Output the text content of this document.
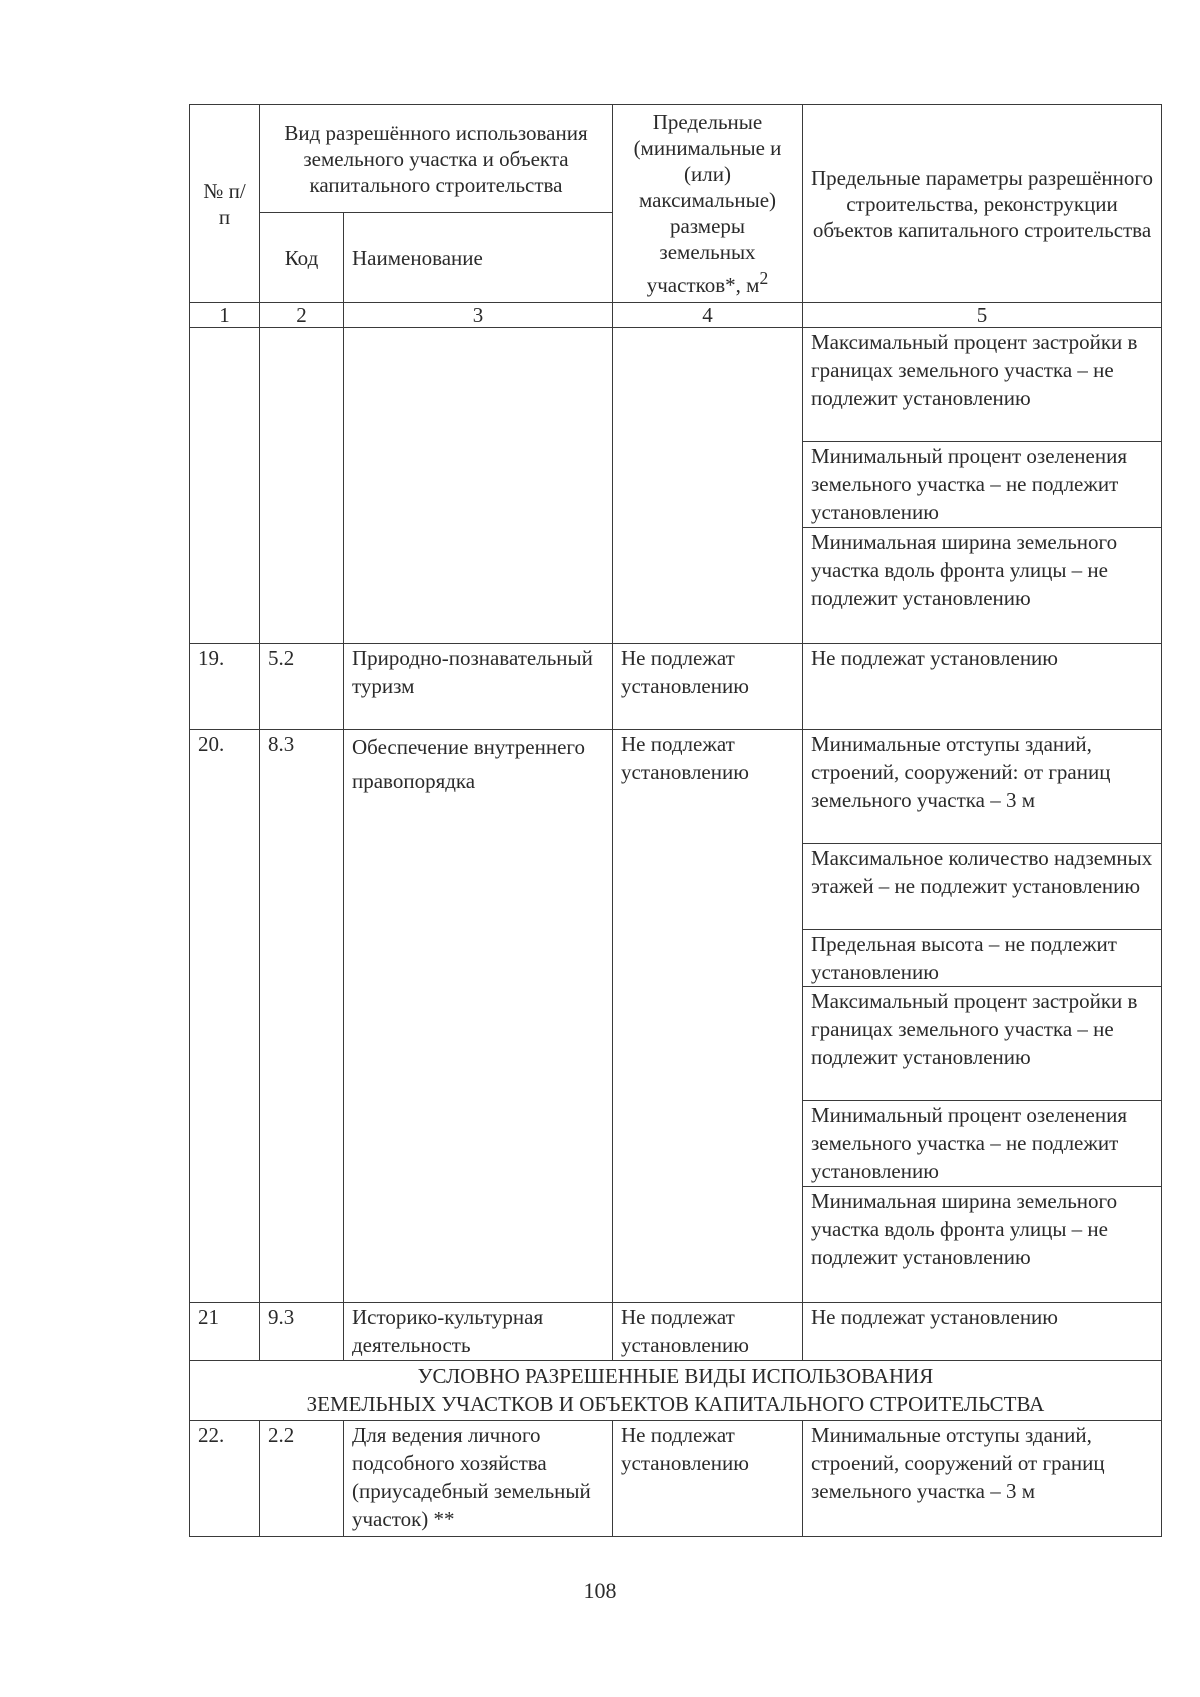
№ п/п	Вид разрешённого использования земельного участка и объекта капитального строительства		Предельные (минимальные и (или) максимальные) размеры земельных участков*, $м^2$	Предельные параметры разрешённого строительства, реконструкции объектов капитального строительства
	Код	Наименование		
1	2	3	4	5
				Максимальный процент застройки в границах земельного участка – не подлежит установлению
				Минимальный процент озеленения земельного участка – не подлежит установлению
				Минимальная ширина земельного участка вдоль фронта улицы – не подлежит установлению
19.	5.2	Природно-познавательный туризм	Не подлежат установлению	Не подлежат установлению
20.	8.3	Обеспечение внутреннего правопорядка	Не подлежат установлению	Минимальные отступы зданий, строений, сооружений: от границ земельного участка – 3 м
				Максимальное количество надземных этажей – не подлежит установлению
				Предельная высота – не подлежит установлению
				Максимальный процент застройки в границах земельного участка – не подлежит установлению
				Минимальный процент озеленения земельного участка – не подлежит установлению
				Минимальная ширина земельного участка вдоль фронта улицы – не подлежит установлению
21	9.3	Историко-культурная деятельность	Не подлежат установлению	Не подлежат установлению

УСЛОВНО РАЗРЕШЕННЫЕ ВИДЫ ИСПОЛЬЗОВАНИЯ
ЗЕМЕЛЬНЫХ УЧАСТКОВ И ОБЪЕКТОВ КАПИТАЛЬНОГО СТРОИТЕЛЬСТВА				

22.	2.2	Для ведения личного подсобного хозяйства (приусадебный земельный участок) **	Не подлежат установлению	Минимальные отступы зданий, строений, сооружений от границ земельного участка – 3 м
108
